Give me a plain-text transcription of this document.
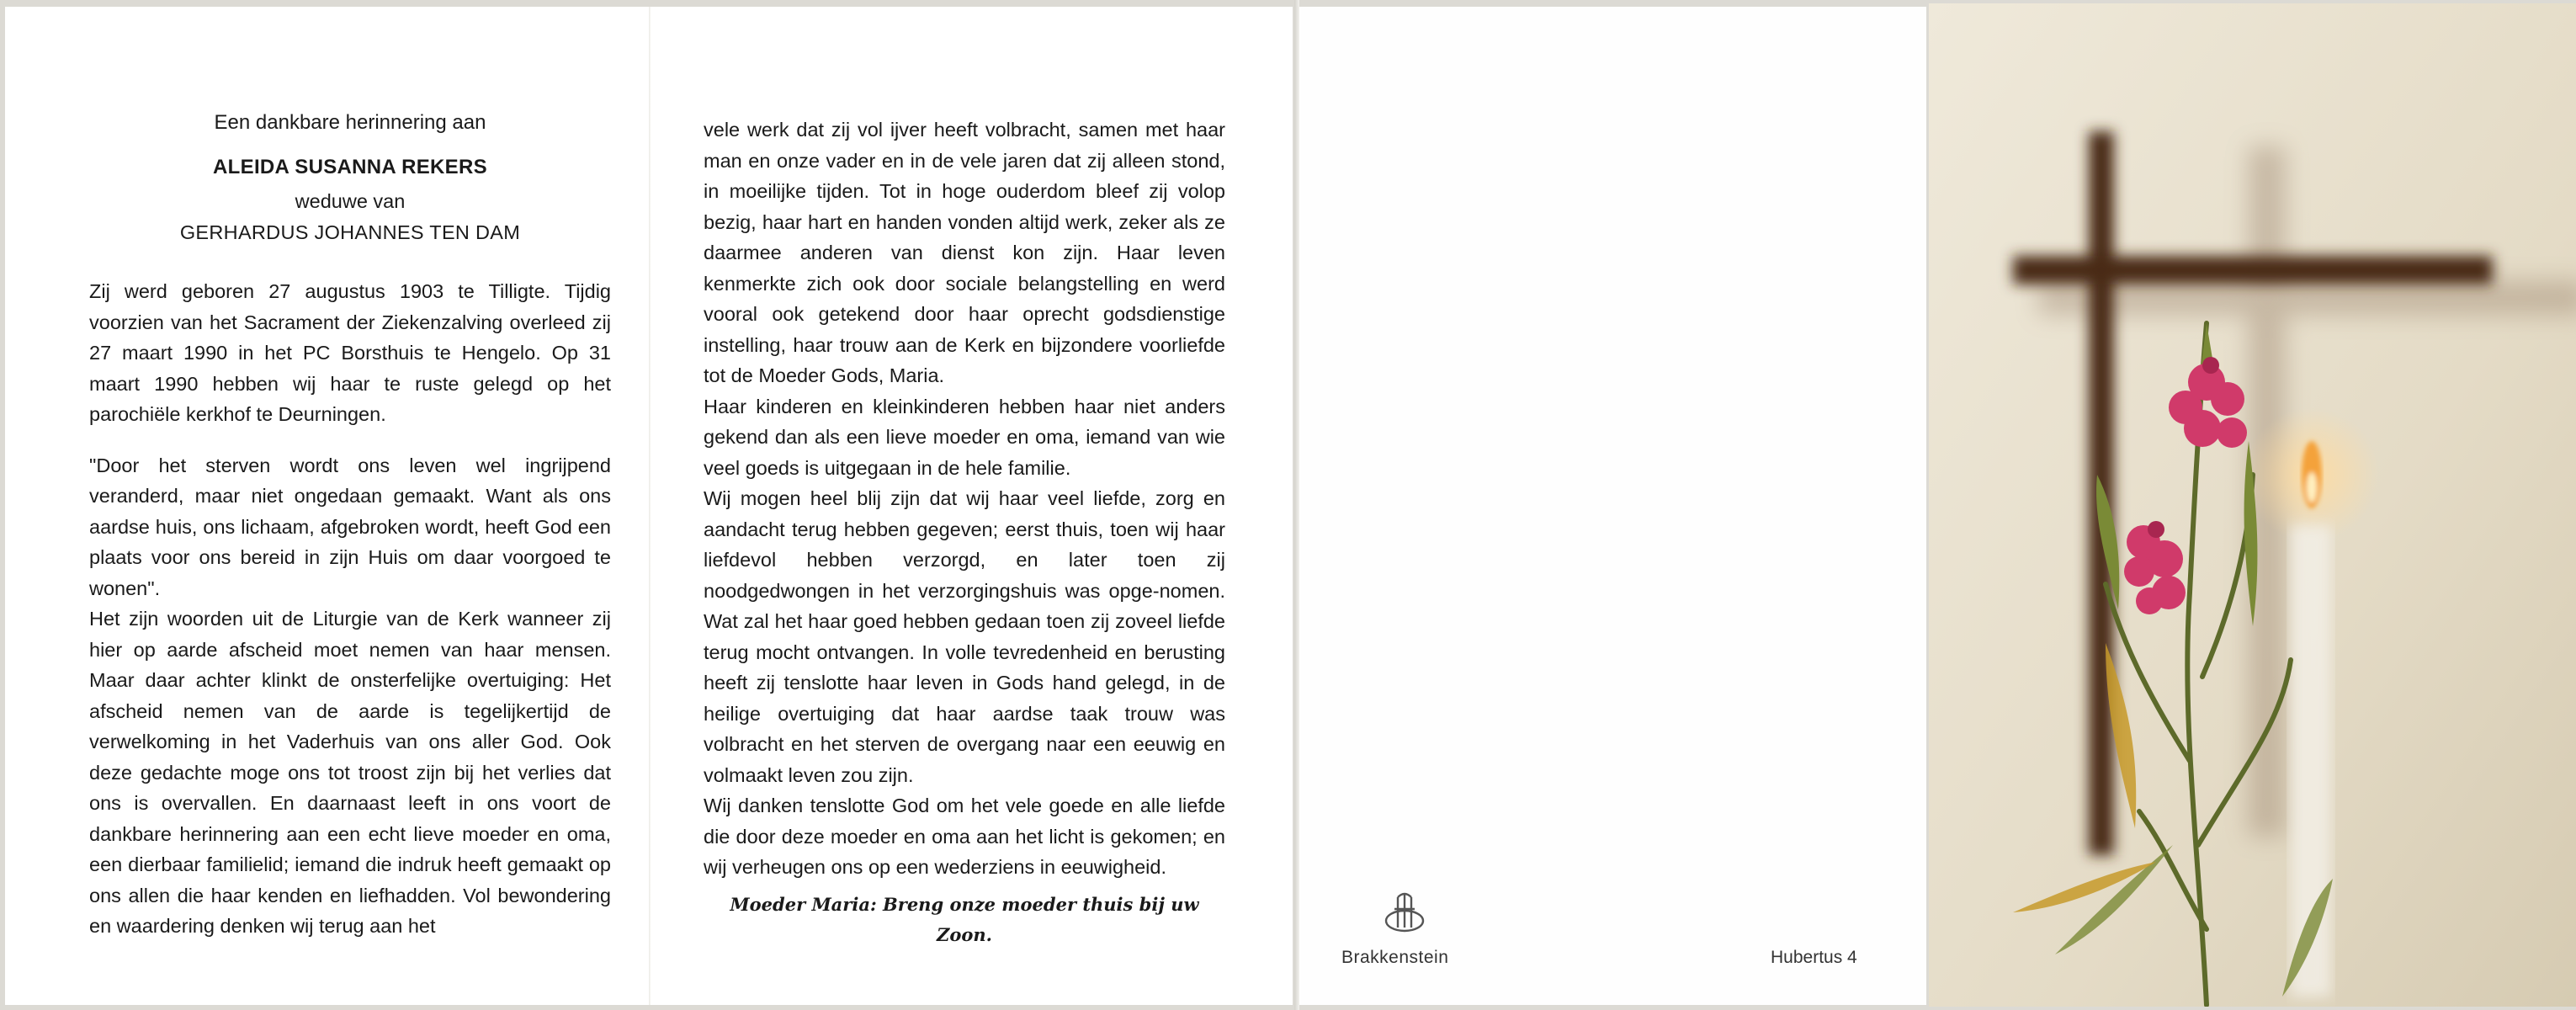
Een dankbare herinnering aan
ALEIDA SUSANNA REKERS
weduwe van
GERHARDUS JOHANNES TEN DAM

Zij werd geboren 27 augustus 1903 te Tilligte. Tijdig voorzien van het Sacrament der Ziekenzalving overleed zij 27 maart 1990 in het PC Borsthuis te Hengelo. Op 31 maart 1990 hebben wij haar te ruste gelegd op het parochiële kerkhof te Deurningen.

"Door het sterven wordt ons leven wel ingrijpend veranderd, maar niet ongedaan gemaakt. Want als ons aardse huis, ons lichaam, afgebroken wordt, heeft God een plaats voor ons bereid in zijn Huis om daar voorgoed te wonen".

Het zijn woorden uit de Liturgie van de Kerk wanneer zij hier op aarde afscheid moet nemen van haar mensen. Maar daar achter klinkt de onsterfelijke overtuiging: Het afscheid nemen van de aarde is tegelijkertijd de verwelkoming in het Vaderhuis van ons aller God. Ook deze gedachte moge ons tot troost zijn bij het verlies dat ons is overvallen. En daarnaast leeft in ons voort de dankbare herinnering aan een echt lieve moeder en oma, een dierbaar familielid; iemand die indruk heeft gemaakt op ons allen die haar kenden en liefhadden. Vol bewondering en waardering denken wij terug aan het

vele werk dat zij vol ijver heeft volbracht, samen met haar man en onze vader en in de vele jaren dat zij alleen stond, in moeilijke tijden. Tot in hoge ouderdom bleef zij volop bezig, haar hart en handen vonden altijd werk, zeker als ze daarmee anderen van dienst kon zijn. Haar leven kenmerkte zich ook door sociale belangstelling en werd vooral ook getekend door haar oprecht godsdienstige instelling, haar trouw aan de Kerk en bijzondere voorliefde tot de Moeder Gods, Maria.

Haar kinderen en kleinkinderen hebben haar niet anders gekend dan als een lieve moeder en oma, iemand van wie veel goeds is uitgegaan in de hele familie.

Wij mogen heel blij zijn dat wij haar veel liefde, zorg en aandacht terug hebben gegeven; eerst thuis, toen wij haar liefdevol hebben verzorgd, en later toen zij noodgedwongen in het verzorgingshuis was opge-nomen. Wat zal het haar goed hebben gedaan toen zij zoveel liefde terug mocht ontvangen. In volle tevredenheid en berusting heeft zij tenslotte haar leven in Gods hand gelegd, in de heilige overtuiging dat haar aardse taak trouw was volbracht en het sterven de overgang naar een eeuwig en volmaakt leven zou zijn.

Wij danken tenslotte God om het vele goede en alle liefde die door deze moeder en oma aan het licht is gekomen; en wij verheugen ons op een wederziens in eeuwigheid.

Moeder Maria: Breng onze moeder thuis bij uw Zoon.
Brakkenstein	Hubertus 4
